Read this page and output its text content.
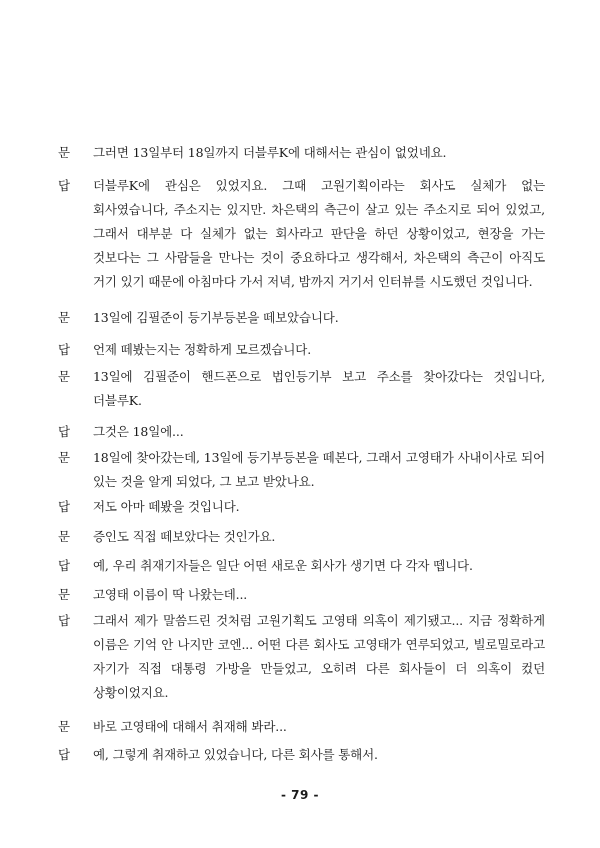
문	그러면 13일부터 18일까지 더블루K에 대해서는 관심이 없었네요.
답	더블루K에 관심은 있었지요. 그때 고원기획이라는 회사도 실체가 없는 회사였습니다, 주소지는 있지만. 차은택의 측근이 살고 있는 주소지로 되어 있었고, 그래서 대부분 다 실체가 없는 회사라고 판단을 하던 상황이었고, 현장을 가는 것보다는 그 사람들을 만나는 것이 중요하다고 생각해서, 차은택의 측근이 아직도 거기 있기 때문에 아침마다 가서 저녁, 밤까지 거기서 인터뷰를 시도했던 것입니다.
문	13일에 김필준이 등기부등본을 떼보았습니다.
답	언제 떼봤는지는 정확하게 모르겠습니다.
문	13일에 김필준이 핸드폰으로 법인등기부 보고 주소를 찾아갔다는 것입니다, 더블루K.
답	그것은 18일에...
문	18일에 찾아갔는데, 13일에 등기부등본을 떼본다, 그래서 고영태가 사내이사로 되어 있는 것을 알게 되었다, 그 보고 받았나요.
답	저도 아마 떼봤을 것입니다.
문	증인도 직접 떼보았다는 것인가요.
답	예, 우리 취재기자들은 일단 어떤 새로운 회사가 생기면 다 각자 뗍니다.
문	고영태 이름이 딱 나왔는데...
답	그래서 제가 말씀드린 것처럼 고원기획도 고영태 의혹이 제기됐고... 지금 정확하게 이름은 기억 안 나지만 코엔... 어떤 다른 회사도 고영태가 연루되었고, 빌로밀로라고 자기가 직접 대통령 가방을 만들었고, 오히려 다른 회사들이 더 의혹이 컸던 상황이었지요.
문	바로 고영태에 대해서 취재해 봐라...
답	예, 그렇게 취재하고 있었습니다, 다른 회사를 통해서.
- 79 -
